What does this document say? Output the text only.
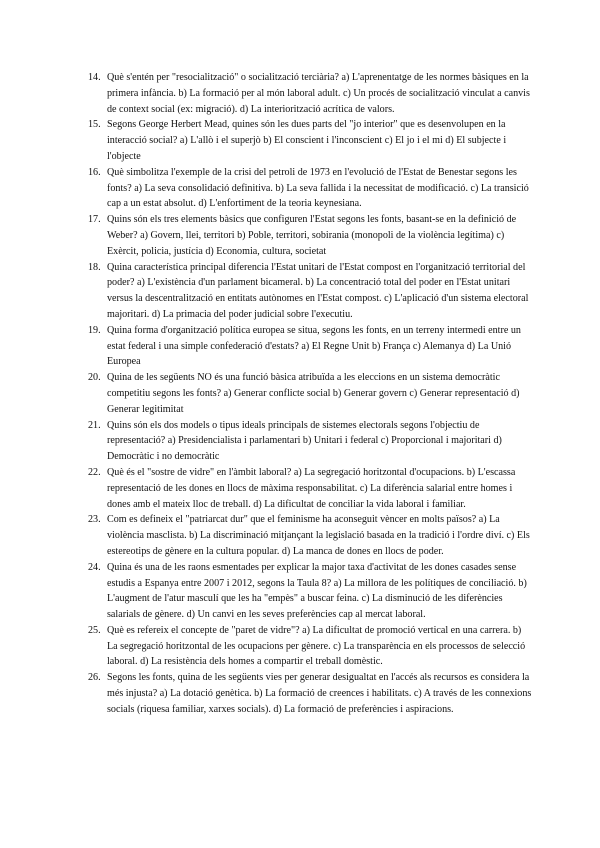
14. Què s'entén per "resocialització" o socialització terciària? a) L'aprenentatge de les normes bàsiques en la primera infància. b) La formació per al món laboral adult. c) Un procés de socialització vinculat a canvis de context social (ex: migració). d) La interiorització acrítica de valors.
15. Segons George Herbert Mead, quines són les dues parts del "jo interior" que es desenvolupen en la interacció social? a) L'allò i el superjò b) El conscient i l'inconscient c) El jo i el mi d) El subjecte i l'objecte
16. Què simbolitza l'exemple de la crisi del petroli de 1973 en l'evolució de l'Estat de Benestar segons les fonts? a) La seva consolidació definitiva. b) La seva fallida i la necessitat de modificació. c) La transició cap a un estat absolut. d) L'enfortiment de la teoria keynesiana.
17. Quins són els tres elements bàsics que configuren l'Estat segons les fonts, basant-se en la definició de Weber? a) Govern, llei, territori b) Poble, territori, sobirania (monopoli de la violència legítima) c) Exèrcit, policia, justícia d) Economia, cultura, societat
18. Quina característica principal diferencia l'Estat unitari de l'Estat compost en l'organització territorial del poder? a) L'existència d'un parlament bicameral. b) La concentració total del poder en l'Estat unitari versus la descentralització en entitats autònomes en l'Estat compost. c) L'aplicació d'un sistema electoral majoritari. d) La primacia del poder judicial sobre l'executiu.
19. Quina forma d'organització política europea se situa, segons les fonts, en un terreny intermedi entre un estat federal i una simple confederació d'estats? a) El Regne Unit b) França c) Alemanya d) La Unió Europea
20. Quina de les següents NO és una funció bàsica atribuïda a les eleccions en un sistema democràtic competitiu segons les fonts? a) Generar conflicte social b) Generar govern c) Generar representació d) Generar legitimitat
21. Quins són els dos models o tipus ideals principals de sistemes electorals segons l'objectiu de representació? a) Presidencialista i parlamentari b) Unitari i federal c) Proporcional i majoritari d) Democràtic i no democràtic
22. Què és el "sostre de vidre" en l'àmbit laboral? a) La segregació horitzontal d'ocupacions. b) L'escassa representació de les dones en llocs de màxima responsabilitat. c) La diferència salarial entre homes i dones amb el mateix lloc de treball. d) La dificultat de conciliar la vida laboral i familiar.
23. Com es defineix el "patriarcat dur" que el feminisme ha aconseguit vèncer en molts països? a) La violència masclista. b) La discriminació mitjançant la legislació basada en la tradició i l'ordre diví. c) Els estereotips de gènere en la cultura popular. d) La manca de dones en llocs de poder.
24. Quina és una de les raons esmentades per explicar la major taxa d'activitat de les dones casades sense estudis a Espanya entre 2007 i 2012, segons la Taula 8? a) La millora de les polítiques de conciliació. b) L'augment de l'atur masculí que les ha "empès" a buscar feina. c) La disminució de les diferències salarials de gènere. d) Un canvi en les seves preferències cap al mercat laboral.
25. Què es refereix el concepte de "paret de vidre"? a) La dificultat de promoció vertical en una carrera. b) La segregació horitzontal de les ocupacions per gènere. c) La transparència en els processos de selecció laboral. d) La resistència dels homes a compartir el treball domèstic.
26. Segons les fonts, quina de les següents vies per generar desigualtat en l'accés als recursos es considera la més injusta? a) La dotació genètica. b) La formació de creences i habilitats. c) A través de les connexions socials (riquesa familiar, xarxes socials). d) La formació de preferències i aspiracions.
